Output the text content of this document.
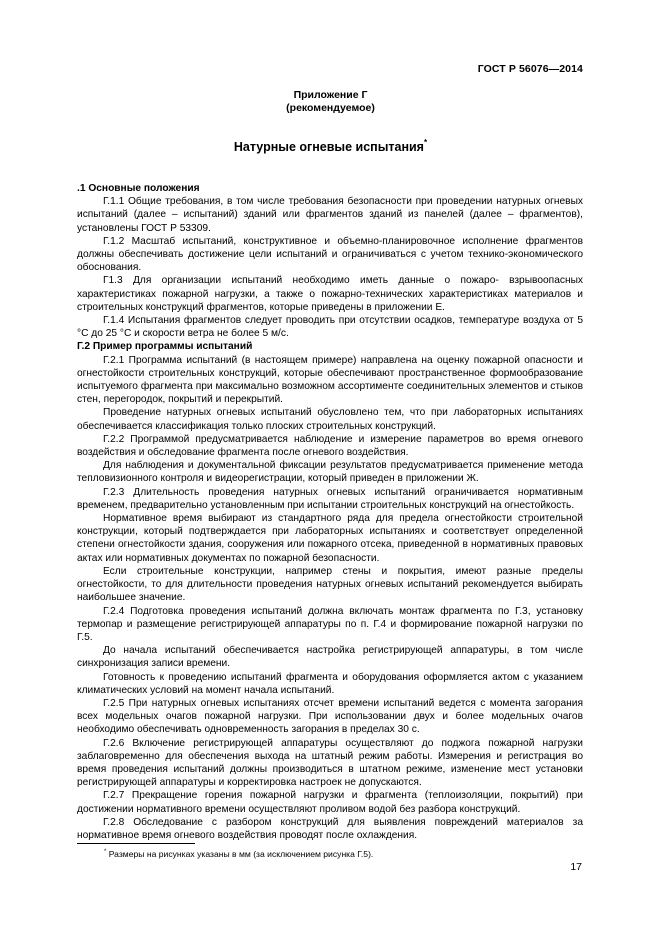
ГОСТ Р 56076—2014
Приложение Г
(рекомендуемое)
Натурные огневые испытания*

.1 Основные положения

Г.1.1 Общие требования, в том числе требования безопасности при проведении натурных огневых испытаний (далее – испытаний) зданий или фрагментов зданий из панелей (далее – фрагментов), установлены ГОСТ Р 53309.

Г.1.2 Масштаб испытаний, конструктивное и объемно-планировочное исполнение фрагментов должны обеспечивать достижение цели испытаний и ограничиваться с учетом технико-экономического обоснования.

Г1.3 Для организации испытаний необходимо иметь данные о пожаро- взрывоопасных характеристиках пожарной нагрузки, а также о пожарно-технических характеристиках материалов и строительных конструкций фрагментов, которые приведены в приложении Е.

Г.1.4 Испытания фрагментов следует проводить при отсутствии осадков, температуре воздуха от 5 °С до 25 °С и скорости ветра не более 5 м/с.

Г.2 Пример программы испытаний

Г.2.1 Программа испытаний (в настоящем примере) направлена на оценку пожарной опасности и огнестойкости строительных конструкций, которые обеспечивают пространственное формообразование испытуемого фрагмента при максимально возможном ассортименте соединительных элементов и стыков стен, перегородок, покрытий и перекрытий.

Проведение натурных огневых испытаний обусловлено тем, что при лабораторных испытаниях обеспечивается классификация только плоских строительных конструкций.

Г.2.2 Программой предусматривается наблюдение и измерение параметров во время огневого воздействия и обследование фрагмента после огневого воздействия.

Для наблюдения и документальной фиксации результатов предусматривается применение метода тепловизионного контроля и видеорегистрации, который приведен в приложении Ж.

Г.2.3 Длительность проведения натурных огневых испытаний ограничивается нормативным временем, предварительно установленным при испытании строительных конструкций на огнестойкость.

Нормативное время выбирают из стандартного ряда для предела огнестойкости строительной конструкции, который подтверждается при лабораторных испытаниях и соответствует определенной степени огнестойкости здания, сооружения или пожарного отсека, приведенной в нормативных правовых актах или нормативных документах по пожарной безопасности.

Если строительные конструкции, например стены и покрытия, имеют разные пределы огнестойкости, то для длительности проведения натурных огневых испытаний рекомендуется выбирать наибольшее значение.

Г.2.4 Подготовка проведения испытаний должна включать монтаж фрагмента по Г.3, установку термопар и размещение регистрирующей аппаратуры по п. Г.4 и формирование пожарной нагрузки по Г.5.

До начала испытаний обеспечивается настройка регистрирующей аппаратуры, в том числе синхронизация записи времени.

Готовность к проведению испытаний фрагмента и оборудования оформляется актом с указанием климатических условий на момент начала испытаний.

Г.2.5 При натурных огневых испытаниях отсчет времени испытаний ведется с момента загорания всех модельных очагов пожарной нагрузки. При использовании двух и более модельных очагов необходимо обеспечивать одновременность загорания в пределах 30 с.

Г.2.6 Включение регистрирующей аппаратуры осуществляют до поджога пожарной нагрузки заблаговременно для обеспечения выхода на штатный режим работы. Измерения и регистрация во время проведения испытаний должны производиться в штатном режиме, изменение мест установки регистрирующей аппаратуры и корректировка настроек не допускаются.

Г.2.7 Прекращение горения пожарной нагрузки и фрагмента (теплоизоляции, покрытий) при достижении нормативного времени осуществляют проливом водой без разбора конструкций.

Г.2.8 Обследование с разбором конструкций для выявления повреждений материалов за нормативное время огневого воздействия проводят после охлаждения.

* Размеры на рисунках указаны в мм (за исключением рисунка Г.5).
17
